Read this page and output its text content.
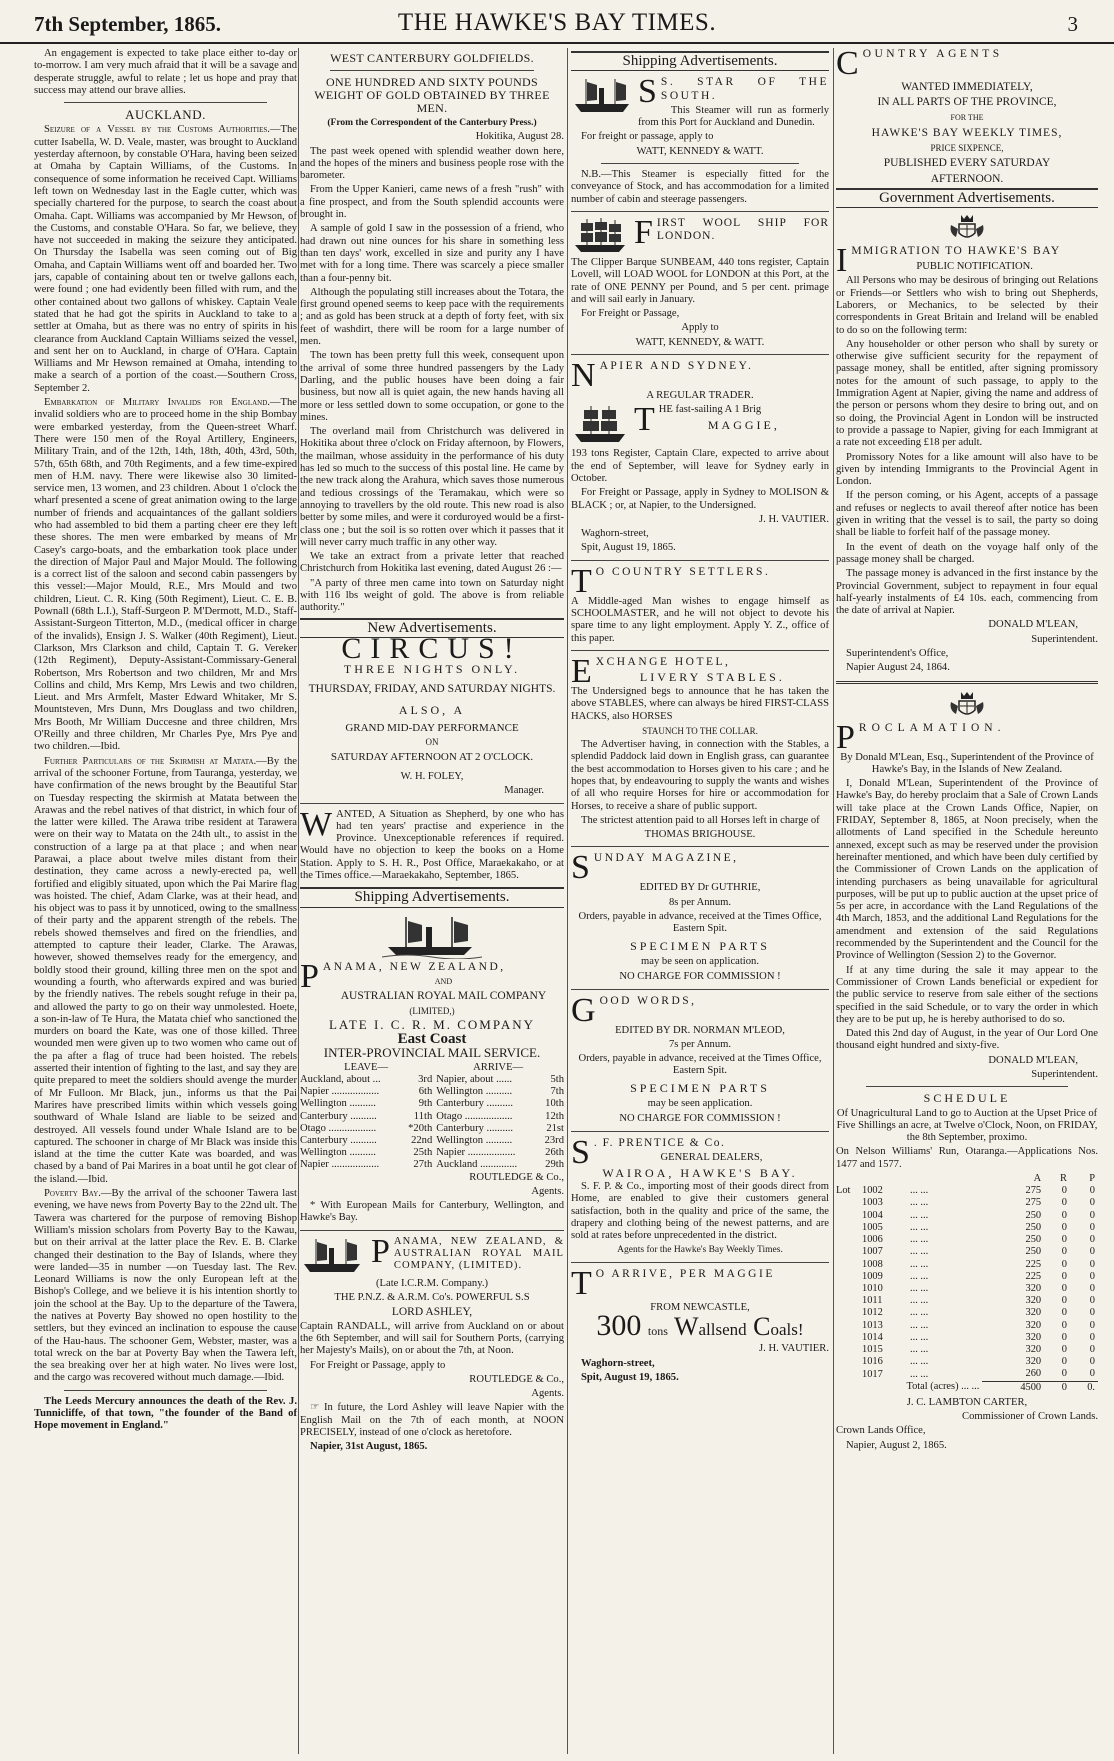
7th September, 1865.	THE HAWKE'S BAY TIMES.	3

An engagement is expected to take place either to-day or to-morrow. I am very much afraid that it will be a savage and desperate struggle, awful to relate ; let us hope and pray that success may attend our brave allies.

AUCKLAND.

Seizure of a Vessel by the Customs Authorities.—The cutter Isabella, W. D. Veale, master, was brought to Auckland yesterday afternoon, by constable O'Hara, having been seized at Omaha by Captain Williams, of the Customs. In consequence of some information he received Capt. Williams left town on Wednesday last in the Eagle cutter, which was specially chartered for the purpose, to search the coast about Omaha. Capt. Williams was accompanied by Mr Hewson, of the Customs, and constable O'Hara. So far, we believe, they have not succeeded in making the seizure they anticipated. On Thursday the Isabella was seen coming out of Big Omaha, and Captain Williams went off and boarded her. Two jars, capable of containing about ten or twelve gallons each, were found ; one had evidently been filled with rum, and the other contained about two gallons of whiskey. Captain Veale stated that he had got the spirits in Auckland to take to a settler at Omaha, but as there was no entry of spirits in his clearance from Auckland Captain Williams seized the vessel, and sent her on to Auckland, in charge of O'Hara. Captain Williams and Mr Hewson remained at Omaha, intending to make a search of a portion of the coast.—Southern Cross, September 2.

Embarkation of Military Invalids for England.—The invalid soldiers who are to proceed home in the ship Bombay were embarked yesterday, from the Queen-street Wharf. There were 150 men of the Royal Artillery, Engineers, Military Train, and of the 12th, 14th, 18th, 40th, 43rd, 50th, 57th, 65th 68th, and 70th Regiments, and a few time-expired men of H.M. navy. There were likewise also 30 limited-service men, 13 women, and 23 children. About 1 o'clock the wharf presented a scene of great animation owing to the large number of friends and acquaintances of the gallant soldiers who had assembled to bid them a parting cheer ere they left these shores. The men were embarked by means of Mr Casey's cargo-boats, and the embarkation took place under the direction of Major Paul and Major Mould. The following is a correct list of the saloon and second cabin passengers by this vessel:—Major Mould, R.E., Mrs Mould and two children, Lieut. C. R. King (50th Regiment), Lieut. C. E. B. Pownall (68th L.I.), Staff-Surgeon P. M'Dermott, M.D., Staff-Assistant-Surgeon Titterton, M.D., (medical officer in charge of the invalids), Ensign J. S. Walker (40th Regiment), Lieut. Clarkson, Mrs Clarkson and child, Captain T. G. Vereker (12th Regiment), Deputy-Assistant-Commissary-General Robertson, Mrs Robertson and two children, Mr and Mrs Collins and child, Mrs Kemp, Mrs Lewis and two children, Lieut. and Mrs Armfelt, Master Edward Whitaker, Mr S. Mountsteven, Mrs Dunn, Mrs Douglass and two children, Mrs Booth, Mr William Duccesne and three children, Mrs O'Reilly and three children, Mr Charles Pye, Mrs Pye and two children.—Ibid.

Further Particulars of the Skirmish at Matata.—By the arrival of the schooner Fortune, from Tauranga, yesterday, we have confirmation of the news brought by the Beautiful Star on Tuesday respecting the skirmish at Matata between the Arawas and the rebel natives of that district, in which four of the latter were killed. The Arawa tribe resident at Tarawera were on their way to Matata on the 24th ult., to assist in the construction of a large pa at that place ; and when near Parawai, a place about twelve miles distant from their destination, they came across a newly-erected pa, well fortified and eligibly situated, upon which the Pai Marire flag was hoisted. The chief, Adam Clarke, was at their head, and his object was to pass it by unnoticed, owing to the smallness of their party and the apparent strength of the rebels. The rebels showed themselves and fired on the friendlies, and attempted to capture their leader, Clarke. The Arawas, however, showed themselves ready for the emergency, and boldly stood their ground, killing three men on the spot and wounding a fourth, who afterwards expired and was buried by the friendly natives. The rebels sought refuge in their pa, and allowed the party to go on their way unmolested. Hoete, a son-in-law of Te Hura, the Matata chief who sanctioned the murders on board the Kate, was one of those killed. Three wounded men were given up to two women who came out of the pa after a flag of truce had been hoisted. The rebels asserted their intention of fighting to the last, and say they are quite prepared to meet the soldiers should avenge the murder of Mr Fulloon. Mr Black, jun., informs us that the Pai Marires have prescribed limits within which vessels going southward of Whale Island are liable to be seized and destroyed. All vessels found under Whale Island are to be captured. The schooner in charge of Mr Black was inside this island at the time the cutter Kate was boarded, and was chased by a band of Pai Marires in a boat until he got clear of the island.—Ibid.

Poverty Bay.—By the arrival of the schooner Tawera last evening, we have news from Poverty Bay to the 22nd ult. The Tawera was chartered for the purpose of removing Bishop William's mission scholars from Poverty Bay to the Kawau, but on their arrival at the latter place the Rev. E. B. Clarke changed their destination to the Bay of Islands, where they were landed—35 in number —on Tuesday last. The Rev. Leonard Williams is now the only European left at the Bishop's College, and we believe it is his intention shortly to join the school at the Bay. Up to the departure of the Tawera, the natives at Poverty Bay showed no open hostility to the settlers, but they evinced an inclination to espouse the cause of the Hau-haus. The schooner Gem, Webster, master, was a total wreck on the bar at Poverty Bay when the Tawera left, the sea breaking over her at high water. No lives were lost, and the cargo was recovered without much damage.—Ibid.

The Leeds Mercury announces the death of the Rev. J. Tunnicliffe, of that town, "the founder of the Band of Hope movement in England."

WEST CANTERBURY GOLDFIELDS.
ONE HUNDRED AND SIXTY POUNDS WEIGHT OF GOLD OBTAINED BY THREE MEN.

(From the Correspondent of the Canterbury Press.)

Hokitika, August 28.

The past week opened with splendid weather down here, and the hopes of the miners and business people rose with the barometer.

From the Upper Kanieri, came news of a fresh "rush" with a fine prospect, and from the South splendid accounts were brought in.

A sample of gold I saw in the possession of a friend, who had drawn out nine ounces for his share in something less than ten days' work, excelled in size and purity any I have met with for a long time. There was scarcely a piece smaller than a four-penny bit.

Although the populating still increases about the Totara, the first ground opened seems to keep pace with the requirements ; and as gold has been struck at a depth of forty feet, with six feet of washdirt, there will be room for a large number of men.

The town has been pretty full this week, consequent upon the arrival of some three hundred passengers by the Lady Darling, and the public houses have been doing a fair business, but now all is quiet again, the new hands having all more or less settled down to some occupation, or gone to the mines.

The overland mail from Christchurch was delivered in Hokitika about three o'clock on Friday afternoon, by Flowers, the mailman, whose assiduity in the performance of his duty has led so much to the success of this postal line. He came by the new track along the Arahura, which saves those numerous and tedious crossings of the Teramakau, which were so annoying to travellers by the old route. This new road is also better by some miles, and were it corduroyed would be a first-class one ; but the soil is so rotten over which it passes that it will never carry much traffic in any other way.

We take an extract from a private letter that reached Christchurch from Hokitika last evening, dated August 26 :—

"A party of three men came into town on Saturday night with 116 lbs weight of gold. The above is from reliable authority."

New Advertisements.
CIRCUS!

THREE NIGHTS ONLY.

THURSDAY, FRIDAY, AND SATURDAY NIGHTS.

ALSO, A

GRAND MID-DAY PERFORMANCE

ON

SATURDAY AFTERNOON AT 2 O'CLOCK.

W. H. FOLEY,

Manager.

WANTED, A Situation as Shepherd, by one who has had ten years' practise and experience in the Province. Unexceptionable references if required. Would have no objection to keep the books on a Home Station. Apply to S. H. R., Post Office, Maraekakaho, or at the Times office.—Maraekakaho, September, 1865.

Shipping Advertisements.

PANAMA, NEW ZEALAND,

AND

AUSTRALIAN ROYAL MAIL COMPANY

(LIMITED,)

LATE I. C. R. M. COMPANY

East Coast

INTER-PROVINCIAL MAIL SERVICE.

LEAVE—		ARRIVE—	
Auckland, about ...	3rd	Napier, about ......	5th
Napier ..................	6th	Wellington ..........	7th
Wellington ..........	9th	Canterbury ..........	10th
Canterbury ..........	11th	Otago ..................	12th
Otago ..................	*20th	Canterbury ..........	21st
Canterbury ..........	22nd	Wellington ..........	23rd
Wellington ..........	25th	Napier ..................	26th
Napier ..................	27th	Auckland ..............	29th

ROUTLEDGE & Co.,

Agents.

* With European Mails for Canterbury, Wellington, and Hawke's Bay.

PANAMA, NEW ZEALAND, & AUSTRALIAN ROYAL MAIL COMPANY, (LIMITED).

(Late I.C.R.M. Company.)

THE P.N.Z. & A.R.M. Co's. POWERFUL S.S

LORD ASHLEY,

Captain RANDALL, will arrive from Auckland on or about the 6th September, and will sail for Southern Ports, (carrying her Majesty's Mails), on or about the 7th, at Noon.

For Freight or Passage, apply to

ROUTLEDGE & Co.,

Agents.

☞ In future, the Lord Ashley will leave Napier with the English Mail on the 7th of each month, at NOON PRECISELY, instead of one o'clock as heretofore.

Napier, 31st August, 1865.

Shipping Advertisements.

S S. STAR OF THE SOUTH.

This Steamer will run as formerly from this Port for Auckland and Dunedin.

For freight or passage, apply to

WATT, KENNEDY & WATT.

N.B.—This Steamer is especially fitted for the conveyance of Stock, and has accommodation for a limited number of cabin and steerage passengers.

FIRST WOOL SHIP FOR LONDON.

The Clipper Barque SUNBEAM, 440 tons register, Captain Lovell, will LOAD WOOL for LONDON at this Port, at the rate of ONE PENNY per Pound, and 5 per cent. primage and will sail early in January.

For Freight or Passage,

Apply to

WATT, KENNEDY, & WATT.

NAPIER AND SYDNEY.

A REGULAR TRADER.

THE fast-sailing A 1 Brig

MAGGIE,

193 tons Register, Captain Clare, expected to arrive about the end of September, will leave for Sydney early in October.

For Freight or Passage, apply in Sydney to MOLISON & BLACK ; or, at Napier, to the Undersigned.

J. H. VAUTIER.

Waghorn-street,

Spit, August 19, 1865.

T O COUNTRY SETTLERS.

A Middle-aged Man wishes to engage himself as SCHOOLMASTER, and he will not object to devote his spare time to any light employment. Apply Y. Z., office of this paper.

EXCHANGE HOTEL,

LIVERY STABLES.

The Undersigned begs to announce that he has taken the above STABLES, where can always be hired FIRST-CLASS HACKS, also HORSES

STAUNCH TO THE COLLAR.

The Advertiser having, in connection with the Stables, a splendid Paddock laid down in English grass, can guarantee the best accommodation to Horses given to his care ; and he hopes that, by endeavouring to supply the wants and wishes of all who require Horses for hire or accommodation for Horses, to receive a share of public support.

The strictest attention paid to all Horses left in charge of

THOMAS BRIGHOUSE.

SUNDAY MAGAZINE,

EDITED BY Dr GUTHRIE,

8s per Annum.

Orders, payable in advance, received at the Times Office, Eastern Spit.

SPECIMEN PARTS

may be seen on application.

NO CHARGE FOR COMMISSION !

GOOD WORDS,

EDITED BY DR. NORMAN M'LEOD,

7s per Annum.

Orders, payable in advance, received at the Times Office, Eastern Spit.

SPECIMEN PARTS

may be seen application.

NO CHARGE FOR COMMISSION !

S . F. PRENTICE & Co.

GENERAL DEALERS,

WAIROA, HAWKE'S BAY.

S. F. P. & Co., importing most of their goods direct from Home, are enabled to give their customers general satisfaction, both in the quality and price of the same, the drapery and clothing being of the newest patterns, and are sold at rates before unprecedented in the district.

Agents for the Hawke's Bay Weekly Times.

T O ARRIVE, PER MAGGIE

FROM NEWCASTLE,

300 tons Wallsend Coals!

J. H. VAUTIER.

Waghorn-street,

Spit, August 19, 1865.

COUNTRY AGENTS

WANTED IMMEDIATELY,

IN ALL PARTS OF THE PROVINCE,

FOR THE

HAWKE'S BAY WEEKLY TIMES,

PRICE SIXPENCE,

PUBLISHED EVERY SATURDAY

AFTERNOON.

Government Advertisements.

IMMIGRATION TO HAWKE'S BAY

PUBLIC NOTIFICATION.

All Persons who may be desirous of bringing out Relations or Friends—or Settlers who wish to bring out Shepherds, Laborers, or Mechanics, to be selected by their correspondents in Great Britain and Ireland will be enabled to do so on the following term:

Any householder or other person who shall by surety or otherwise give sufficient security for the repayment of passage money, shall be entitled, after signing promissory notes for the amount of such passage, to apply to the Immigration Agent at Napier, giving the name and address of the person or persons whom they desire to bring out, and on so doing, the Provincial Agent in London will be instructed to provide a passage to Napier, giving for each Immigrant at a rate not exceeding £18 per adult.

Promissory Notes for a like amount will also have to be given by intending Immigrants to the Provincial Agent in London.

If the person coming, or his Agent, accepts of a passage and refuses or neglects to avail thereof after notice has been given in writing that the vessel is to sail, the party so doing shall be liable to forfeit half of the passage money.

In the event of death on the voyage half only of the passage money shall be charged.

The passage money is advanced in the first instance by the Provincial Government, subject to repayment in four equal half-yearly instalments of £4 10s. each, commencing from the date of arrival at Napier.

DONALD M'LEAN,

Superintendent.

Superintendent's Office,

Napier August 24, 1864.

PROCLAMATION.

By Donald M'Lean, Esq., Superintendent of the Province of Hawke's Bay, in the Islands of New Zealand.

I, Donald M'Lean, Superintendent of the Province of Hawke's Bay, do hereby proclaim that a Sale of Crown Lands will take place at the Crown Lands Office, Napier, on FRIDAY, September 8, 1865, at Noon precisely, when the allotments of Land specified in the Schedule hereunto annexed, except such as may be reserved under the provision hereinafter mentioned, and which have been duly certified by the Commissioner of Crown Lands on the application of intending purchasers as being unavailable for agricultural purposes, will be put up to public auction at the upset price of 5s per acre, in accordance with the Land Regulations of the 4th March, 1853, and the additional Land Regulations for the amendment and extension of the said Regulations recommended by the Superintendent and the Council for the Province of Wellington (Session 2) to the Governor.

If at any time during the sale it may appear to the Commissioner of Crown Lands beneficial or expedient for the public service to reserve from sale either of the sections specified in the said Schedule, or to vary the order in which they are to be put up, he is hereby authorised to do so.

Dated this 2nd day of August, in the year of Our Lord One thousand eight hundred and sixty-five.

DONALD M'LEAN,

Superintendent.

SCHEDULE

Of Unagricultural Land to go to Auction at the Upset Price of Five Shillings an acre, at Twelve o'Clock, Noon, on FRIDAY, the 8th September, proximo.

On Nelson Williams' Run, Otaranga.—Applications Nos. 1477 and 1577.

			A	R	P
Lot	1002	... ...	275	0	0
	1003	... ...	275	0	0
	1004	... ...	250	0	0
	1005	... ...	250	0	0
	1006	... ...	250	0	0
	1007	... ...	250	0	0
	1008	... ...	225	0	0
	1009	... ...	225	0	0
	1010	... ...	320	0	0
	1011	... ...	320	0	0
	1012	... ...	320	0	0
	1013	... ...	320	0	0
	1014	... ...	320	0	0
	1015	... ...	320	0	0
	1016	... ...	320	0	0
	1017	... ...	260	0	0
	Total (acres) ... ...		4500	0	0.

J. C. LAMBTON CARTER,

Commissioner of Crown Lands.

Crown Lands Office,

Napier, August 2, 1865.
